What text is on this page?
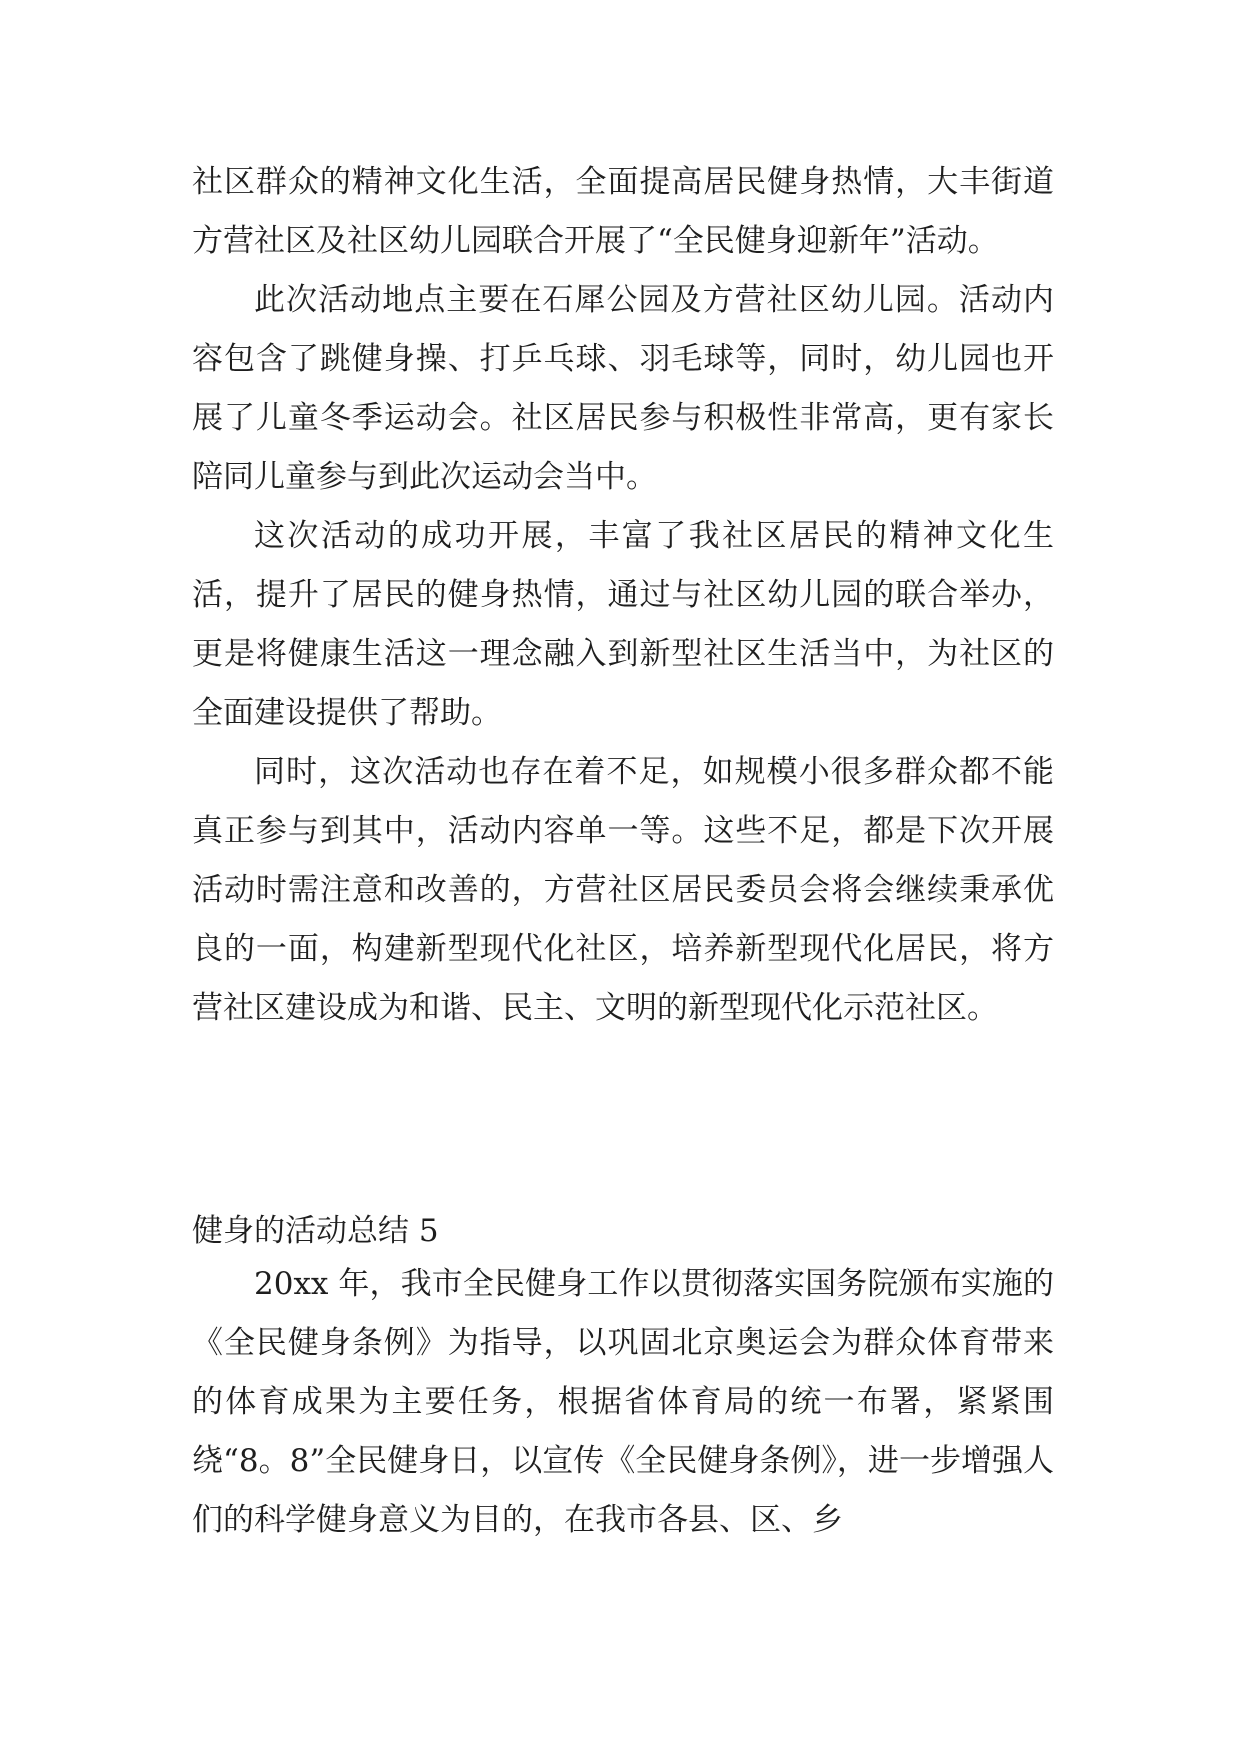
社区群众的精神文化生活，全面提高居民健身热情，大丰街道方营社区及社区幼儿园联合开展了“全民健身迎新年”活动。

此次活动地点主要在石犀公园及方营社区幼儿园。活动内容包含了跳健身操、打乒乓球、羽毛球等，同时，幼儿园也开展了儿童冬季运动会。社区居民参与积极性非常高，更有家长陪同儿童参与到此次运动会当中。

这次活动的成功开展，丰富了我社区居民的精神文化生活，提升了居民的健身热情，通过与社区幼儿园的联合举办，更是将健康生活这一理念融入到新型社区生活当中，为社区的全面建设提供了帮助。

同时，这次活动也存在着不足，如规模小很多群众都不能真正参与到其中，活动内容单一等。这些不足，都是下次开展活动时需注意和改善的，方营社区居民委员会将会继续秉承优良的一面，构建新型现代化社区，培养新型现代化居民，将方营社区建设成为和谐、民主、文明的新型现代化示范社区。

健身的活动总结 5

20xx 年，我市全民健身工作以贯彻落实国务院颁布实施的《全民健身条例》为指导，以巩固北京奥运会为群众体育带来的体育成果为主要任务，根据省体育局的统一布署，紧紧围绕“8。8”全民健身日，以宣传《全民健身条例》，进一步增强人们的科学健身意义为目的，在我市各县、区、乡
